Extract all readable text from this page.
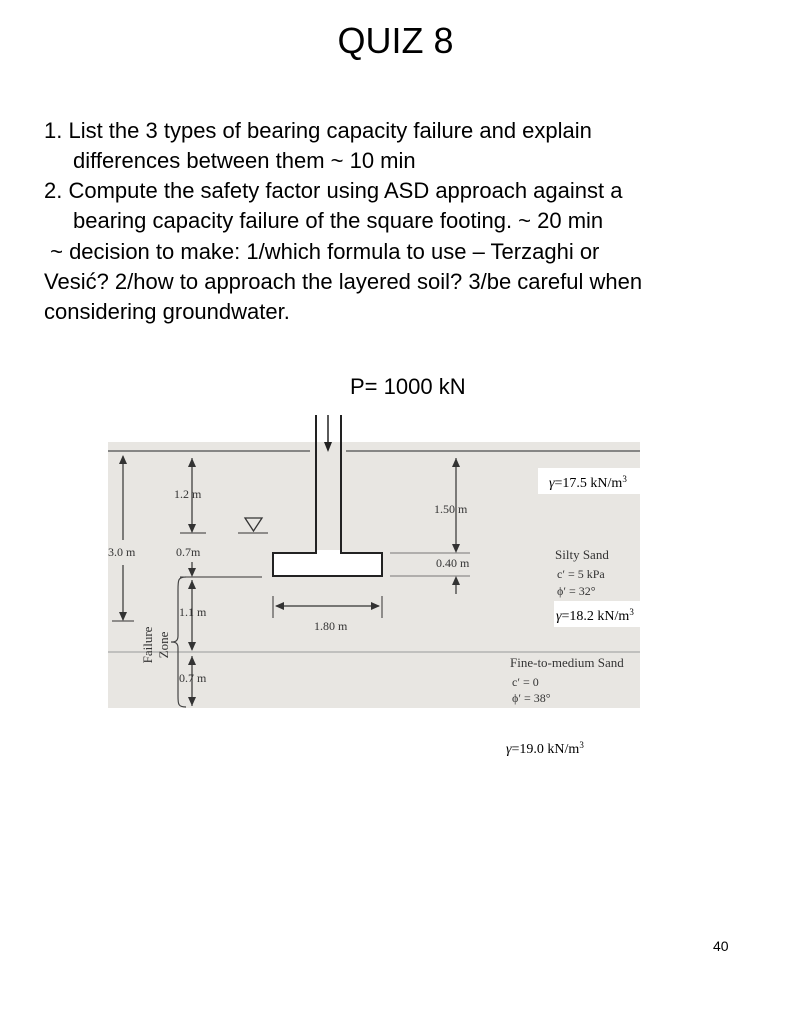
QUIZ 8

1. List the 3 types of bearing capacity failure and explain
differences between them ~ 10 min

2. Compute the safety factor using ASD approach against a
bearing capacity failure of the square footing. ~ 20 min

~ decision to make: 1/which formula to use – Terzaghi or
Vesić? 2/how to approach the layered soil? 3/be careful when
considering groundwater.

P= 1000 kN
3.0 m
1.2 m
0.7m
1.1 m
0.7 m
Failure Zone
1.50 m
0.40 m
1.80 m
Silty Sand
c′ = 5 kPa
ϕ′ = 32°
Fine-to-medium Sand
c′ = 0
ϕ′ = 38°
γ=17.5 $kN/m^3$
γ=18.2 $kN/m^3$
γ=19.0 $kN/m^3$
40
